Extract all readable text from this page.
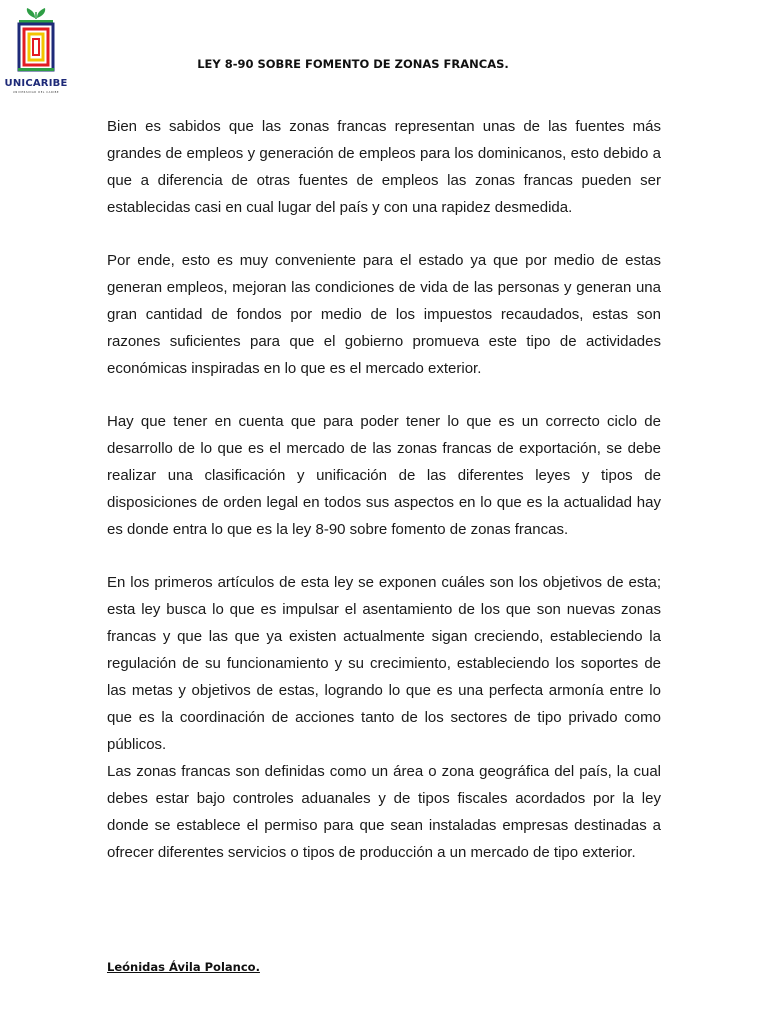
UNICARIBE
UNIVERSIDAD DEL CARIBE
LEY 8-90 SOBRE FOMENTO DE ZONAS FRANCAS.

Bien es sabidos que las zonas francas representan unas de las fuentes más grandes de empleos y generación de empleos para los dominicanos, esto debido a que a diferencia de otras fuentes de empleos las zonas francas pueden ser establecidas casi en cual lugar del país y con una rapidez desmedida.

Por ende, esto es muy conveniente para el estado ya que por medio de estas generan empleos, mejoran las condiciones de vida de las personas y generan una gran cantidad de fondos por medio de los impuestos recaudados, estas son razones suficientes para que el gobierno promueva este tipo de actividades económicas inspiradas en lo que es el mercado exterior.

Hay que tener en cuenta que para poder tener lo que es un correcto ciclo de desarrollo de lo que es el mercado de las zonas francas de exportación, se debe realizar una clasificación y unificación de las diferentes leyes y tipos de disposiciones de orden legal en todos sus aspectos en lo que es la actualidad hay es donde entra lo que es la ley 8-90 sobre fomento de zonas francas.

En los primeros artículos de esta ley se exponen cuáles son los objetivos de esta; esta ley busca lo que es impulsar el asentamiento de los que son nuevas zonas francas y que las que ya existen actualmente sigan creciendo, estableciendo la regulación de su funcionamiento y su crecimiento, estableciendo los soportes de las metas y objetivos de estas, logrando lo que es una perfecta armonía entre lo que es la coordinación de acciones tanto de los sectores de tipo privado como públicos.

Las zonas francas son definidas como un área o zona geográfica del país, la cual debes estar bajo controles aduanales y de tipos fiscales acordados por la ley donde se establece el permiso para que sean instaladas empresas destinadas a ofrecer diferentes servicios o tipos de producción a un mercado de tipo exterior.

Leónidas Ávila Polanco.
